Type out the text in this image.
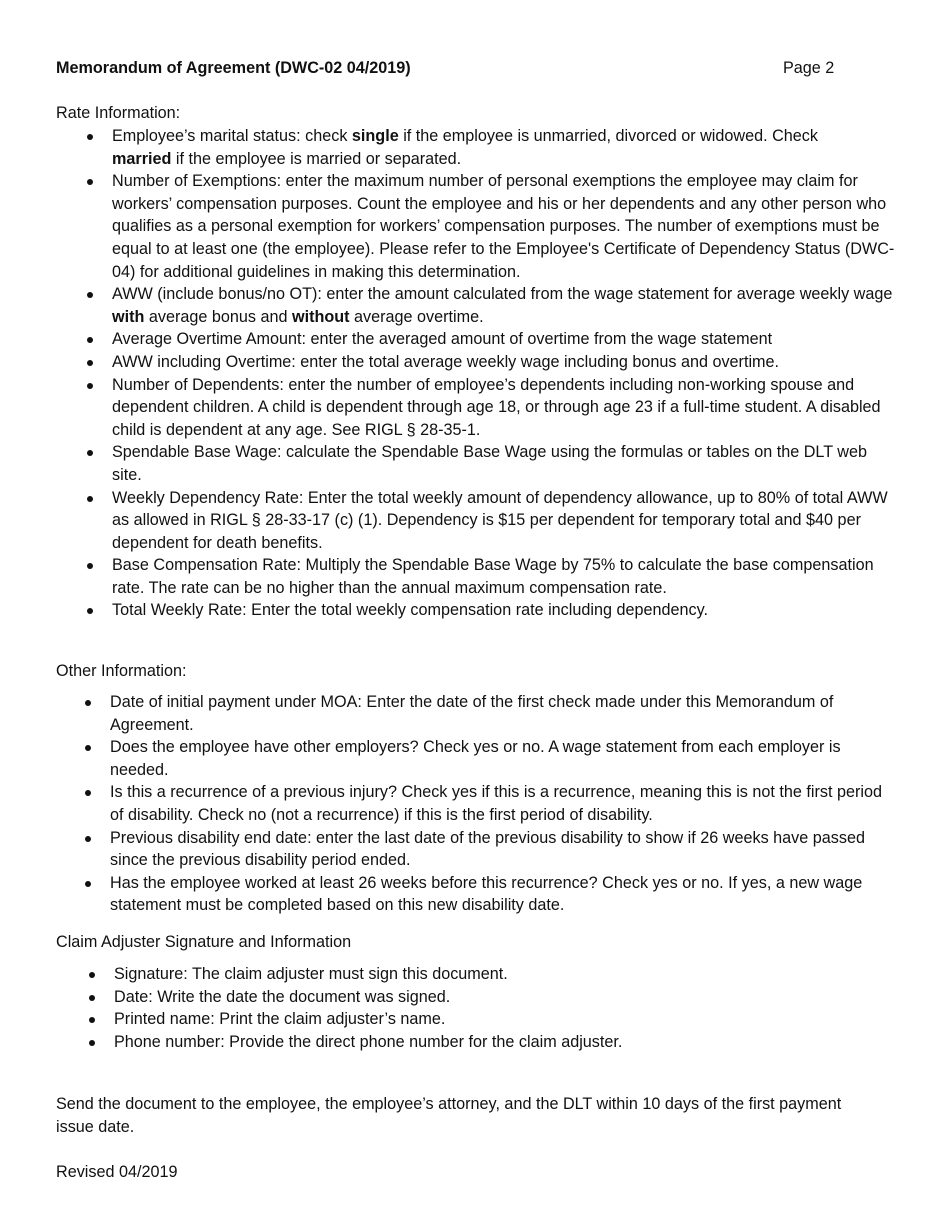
Memorandum of Agreement (DWC-02 04/2019)	Page 2
Rate Information:
Employee’s marital status: check single if the employee is unmarried, divorced or widowed. Check
married if the employee is married or separated.
Number of Exemptions: enter the maximum number of personal exemptions the employee may claim for workers’ compensation purposes. Count the employee and his or her dependents and any other person who qualifies as a personal exemption for workers’ compensation purposes. The number of exemptions must be equal to at least one (the employee). Please refer to the Employee's Certificate of Dependency Status (DWC-04) for additional guidelines in making this determination.
AWW (include bonus/no OT): enter the amount calculated from the wage statement for average weekly wage with average bonus and without average overtime.
Average Overtime Amount: enter the averaged amount of overtime from the wage statement
AWW including Overtime: enter the total average weekly wage including bonus and overtime.
Number of Dependents: enter the number of employee’s dependents including non-working spouse and dependent children. A child is dependent through age 18, or through age 23 if a full-time student. A disabled child is dependent at any age. See RIGL § 28-35-1.
Spendable Base Wage: calculate the Spendable Base Wage using the formulas or tables on the DLT web site.
Weekly Dependency Rate: Enter the total weekly amount of dependency allowance, up to 80% of total AWW as allowed in RIGL § 28-33-17 (c) (1). Dependency is $15 per dependent for temporary total and $40 per dependent for death benefits.
Base Compensation Rate: Multiply the Spendable Base Wage by 75% to calculate the base compensation rate. The rate can be no higher than the annual maximum compensation rate.
Total Weekly Rate: Enter the total weekly compensation rate including dependency.
Other Information:
Date of initial payment under MOA: Enter the date of the first check made under this Memorandum of Agreement.
Does the employee have other employers? Check yes or no. A wage statement from each employer is needed.
Is this a recurrence of a previous injury? Check yes if this is a recurrence, meaning this is not the first period of disability. Check no (not a recurrence) if this is the first period of disability.
Previous disability end date: enter the last date of the previous disability to show if 26 weeks have passed since the previous disability period ended.
Has the employee worked at least 26 weeks before this recurrence? Check yes or no. If yes, a new wage statement must be completed based on this new disability date.
Claim Adjuster Signature and Information
Signature: The claim adjuster must sign this document.
Date: Write the date the document was signed.
Printed name: Print the claim adjuster’s name.
Phone number: Provide the direct phone number for the claim adjuster.
Send the document to the employee, the employee’s attorney, and the DLT within 10 days of the first payment issue date.
Revised 04/2019
